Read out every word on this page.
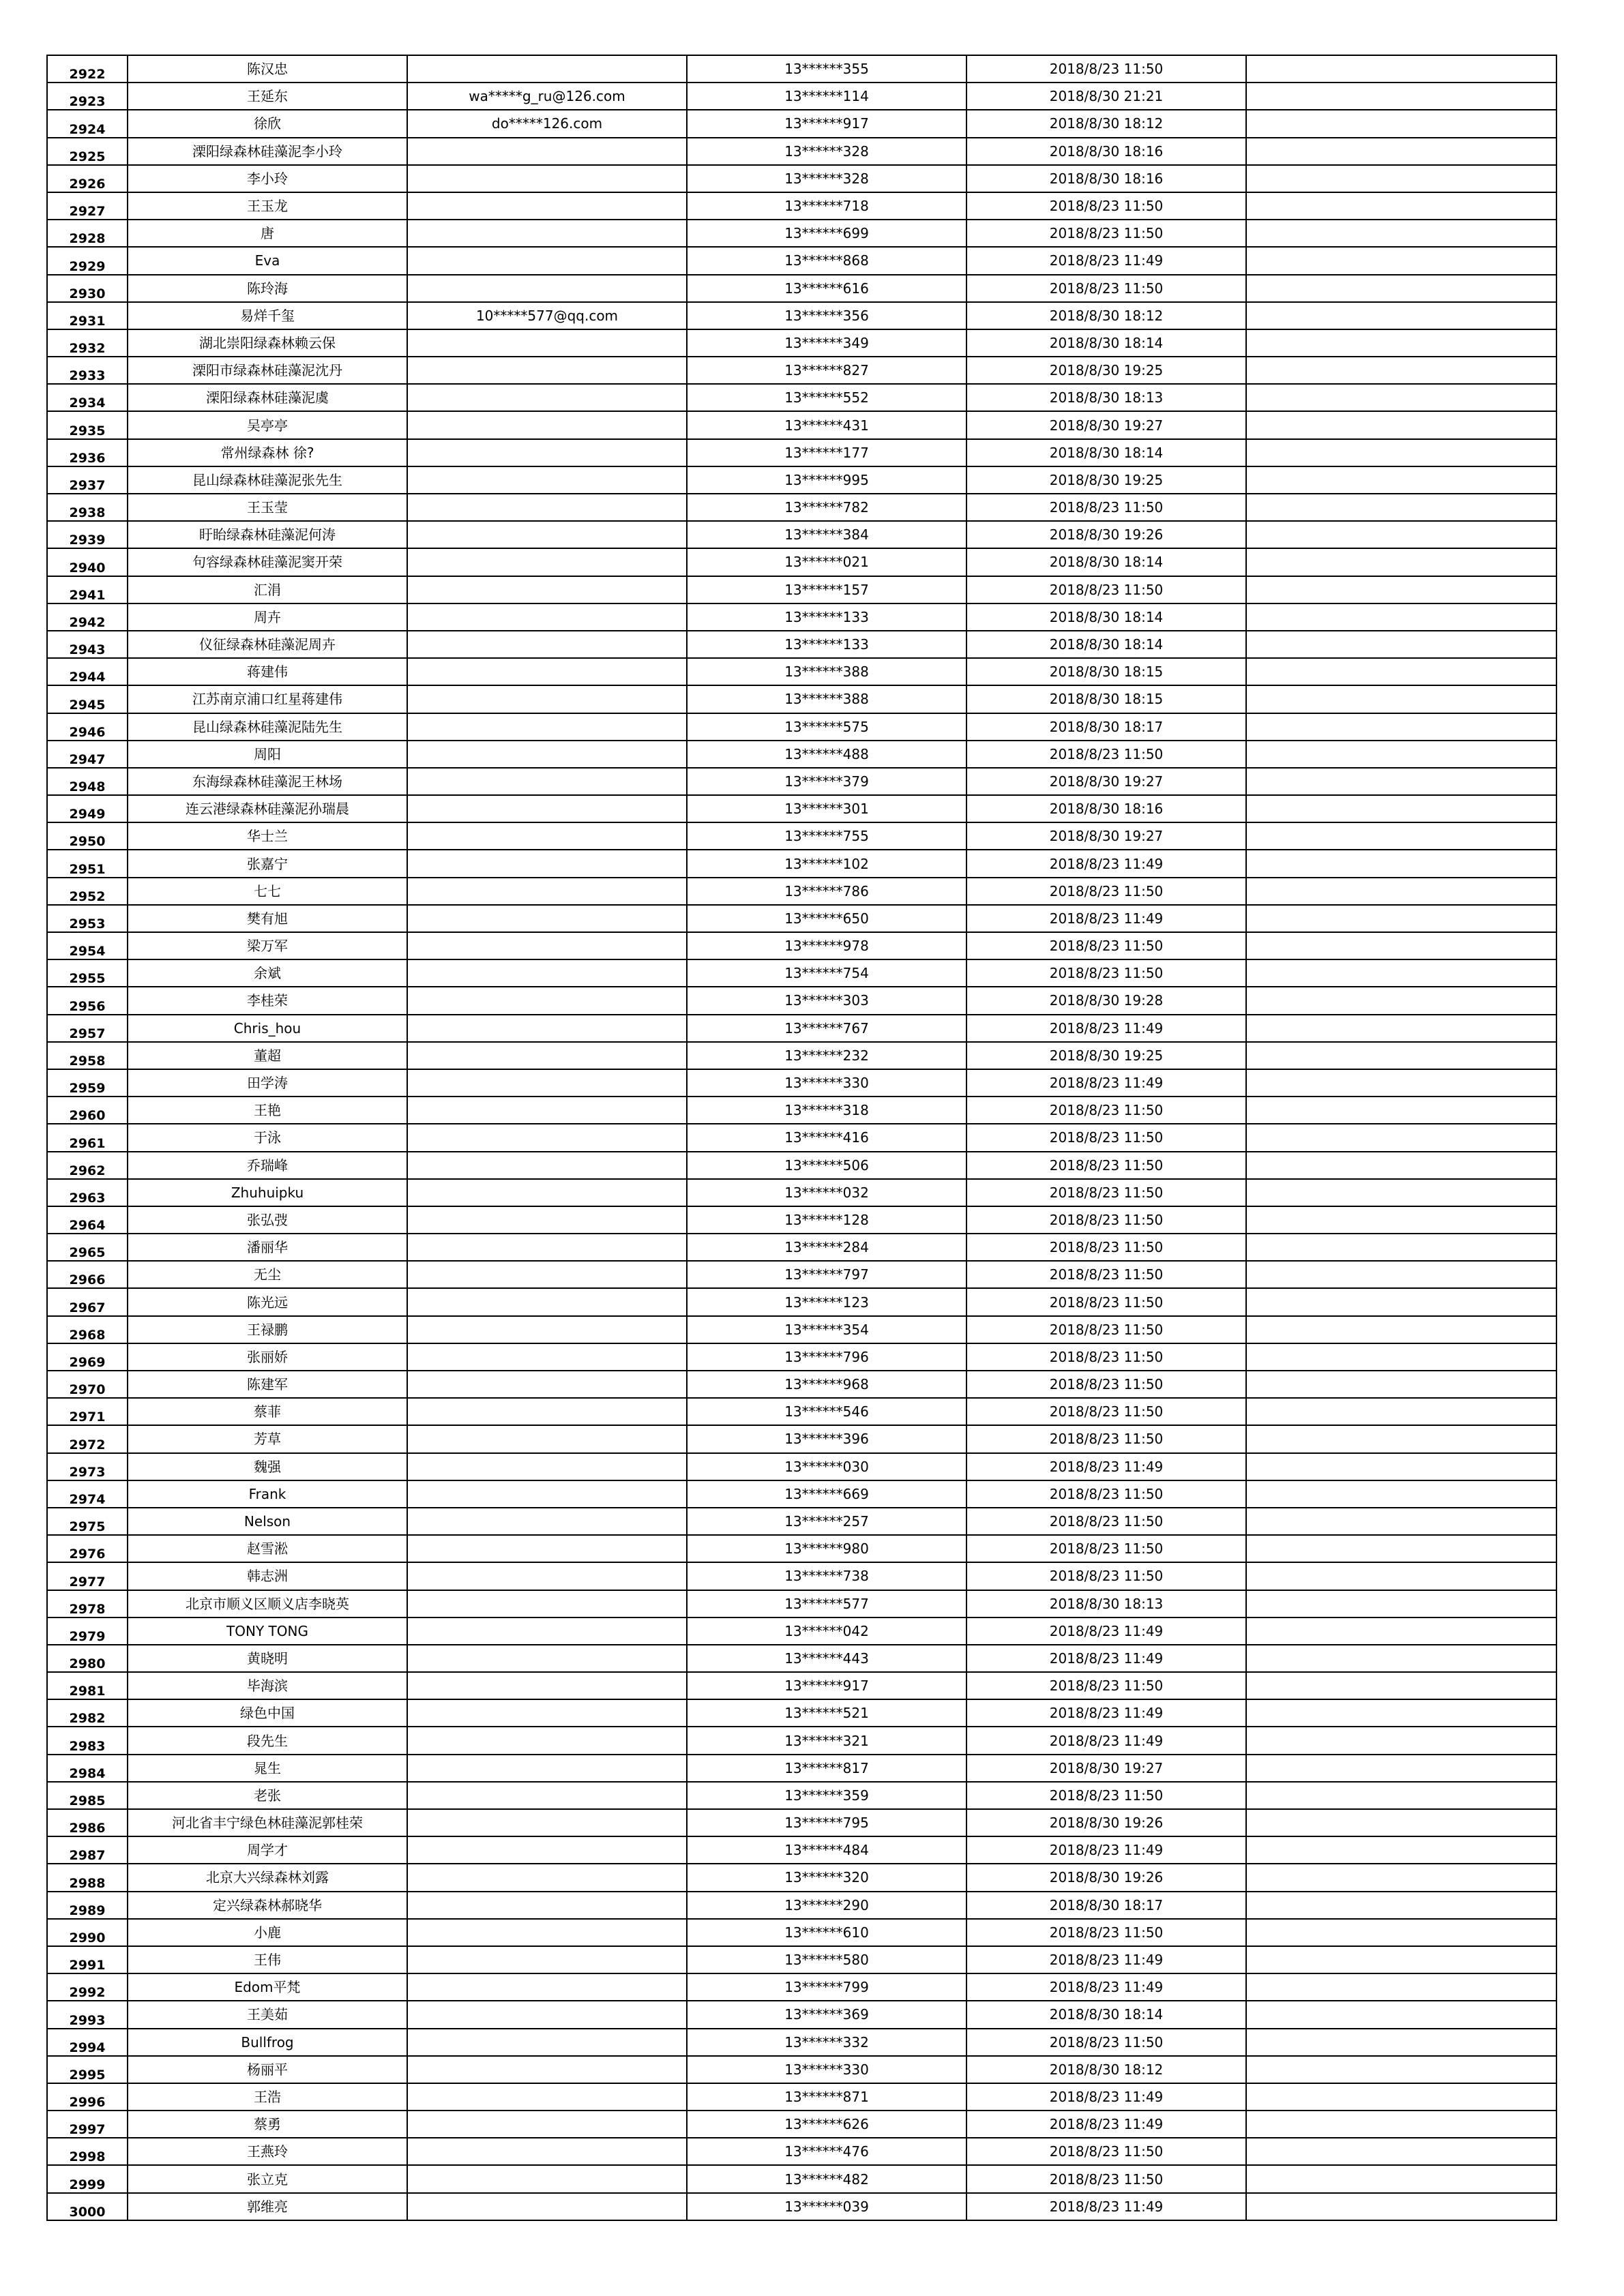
2922	陈汉忠		13******355	2018/8/23 11:50	
2923	王延东	wa*****g_ru@126.com	13******114	2018/8/30 21:21	
2924	徐欣	do*****126.com	13******917	2018/8/30 18:12	
2925	溧阳绿森林硅藻泥李小玲		13******328	2018/8/30 18:16	
2926	李小玲		13******328	2018/8/30 18:16	
2927	王玉龙		13******718	2018/8/23 11:50	
2928	唐		13******699	2018/8/23 11:50	
2929	Eva		13******868	2018/8/23 11:49	
2930	陈玲海		13******616	2018/8/23 11:50	
2931	易烊千玺	10*****577@qq.com	13******356	2018/8/30 18:12	
2932	湖北崇阳绿森林赖云保		13******349	2018/8/30 18:14	
2933	溧阳市绿森林硅藻泥沈丹		13******827	2018/8/30 19:25	
2934	溧阳绿森林硅藻泥虞		13******552	2018/8/30 18:13	
2935	吴亭亭		13******431	2018/8/30 19:27	
2936	常州绿森林 徐?		13******177	2018/8/30 18:14	
2937	昆山绿森林硅藻泥张先生		13******995	2018/8/30 19:25	
2938	王玉莹		13******782	2018/8/23 11:50	
2939	盱眙绿森林硅藻泥何涛		13******384	2018/8/30 19:26	
2940	句容绿森林硅藻泥窦开荣		13******021	2018/8/30 18:14	
2941	汇涓		13******157	2018/8/23 11:50	
2942	周卉		13******133	2018/8/30 18:14	
2943	仪征绿森林硅藻泥周卉		13******133	2018/8/30 18:14	
2944	蒋建伟		13******388	2018/8/30 18:15	
2945	江苏南京浦口红星蒋建伟		13******388	2018/8/30 18:15	
2946	昆山绿森林硅藻泥陆先生		13******575	2018/8/30 18:17	
2947	周阳		13******488	2018/8/23 11:50	
2948	东海绿森林硅藻泥王林场		13******379	2018/8/30 19:27	
2949	连云港绿森林硅藻泥孙瑞晨		13******301	2018/8/30 18:16	
2950	华士兰		13******755	2018/8/30 19:27	
2951	张嘉宁		13******102	2018/8/23 11:49	
2952	七七		13******786	2018/8/23 11:50	
2953	樊有旭		13******650	2018/8/23 11:49	
2954	梁万军		13******978	2018/8/23 11:50	
2955	余斌		13******754	2018/8/23 11:50	
2956	李桂荣		13******303	2018/8/30 19:28	
2957	Chris_hou		13******767	2018/8/23 11:49	
2958	董超		13******232	2018/8/30 19:25	
2959	田学涛		13******330	2018/8/23 11:49	
2960	王艳		13******318	2018/8/23 11:50	
2961	于泳		13******416	2018/8/23 11:50	
2962	乔瑞峰		13******506	2018/8/23 11:50	
2963	Zhuhuipku		13******032	2018/8/23 11:50	
2964	张弘弢		13******128	2018/8/23 11:50	
2965	潘丽华		13******284	2018/8/23 11:50	
2966	无尘		13******797	2018/8/23 11:50	
2967	陈光远		13******123	2018/8/23 11:50	
2968	王禄鹏		13******354	2018/8/23 11:50	
2969	张丽娇		13******796	2018/8/23 11:50	
2970	陈建军		13******968	2018/8/23 11:50	
2971	蔡菲		13******546	2018/8/23 11:50	
2972	芳草		13******396	2018/8/23 11:50	
2973	魏强		13******030	2018/8/23 11:49	
2974	Frank		13******669	2018/8/23 11:50	
2975	Nelson		13******257	2018/8/23 11:50	
2976	赵雪淞		13******980	2018/8/23 11:50	
2977	韩志洲		13******738	2018/8/23 11:50	
2978	北京市顺义区顺义店李晓英		13******577	2018/8/30 18:13	
2979	TONY TONG		13******042	2018/8/23 11:49	
2980	黄晓明		13******443	2018/8/23 11:49	
2981	毕海滨		13******917	2018/8/23 11:50	
2982	绿色中国		13******521	2018/8/23 11:49	
2983	段先生		13******321	2018/8/23 11:49	
2984	晁生		13******817	2018/8/30 19:27	
2985	老张		13******359	2018/8/23 11:50	
2986	河北省丰宁绿色林硅藻泥郭桂荣		13******795	2018/8/30 19:26	
2987	周学才		13******484	2018/8/23 11:49	
2988	北京大兴绿森林刘露		13******320	2018/8/30 19:26	
2989	定兴绿森林郝晓华		13******290	2018/8/30 18:17	
2990	小鹿		13******610	2018/8/23 11:50	
2991	王伟		13******580	2018/8/23 11:49	
2992	Edom平梵		13******799	2018/8/23 11:49	
2993	王美茹		13******369	2018/8/30 18:14	
2994	Bullfrog		13******332	2018/8/23 11:50	
2995	杨丽平		13******330	2018/8/30 18:12	
2996	王浩		13******871	2018/8/23 11:49	
2997	蔡勇		13******626	2018/8/23 11:49	
2998	王燕玲		13******476	2018/8/23 11:50	
2999	张立克		13******482	2018/8/23 11:50	
3000	郭维亮		13******039	2018/8/23 11:49	
